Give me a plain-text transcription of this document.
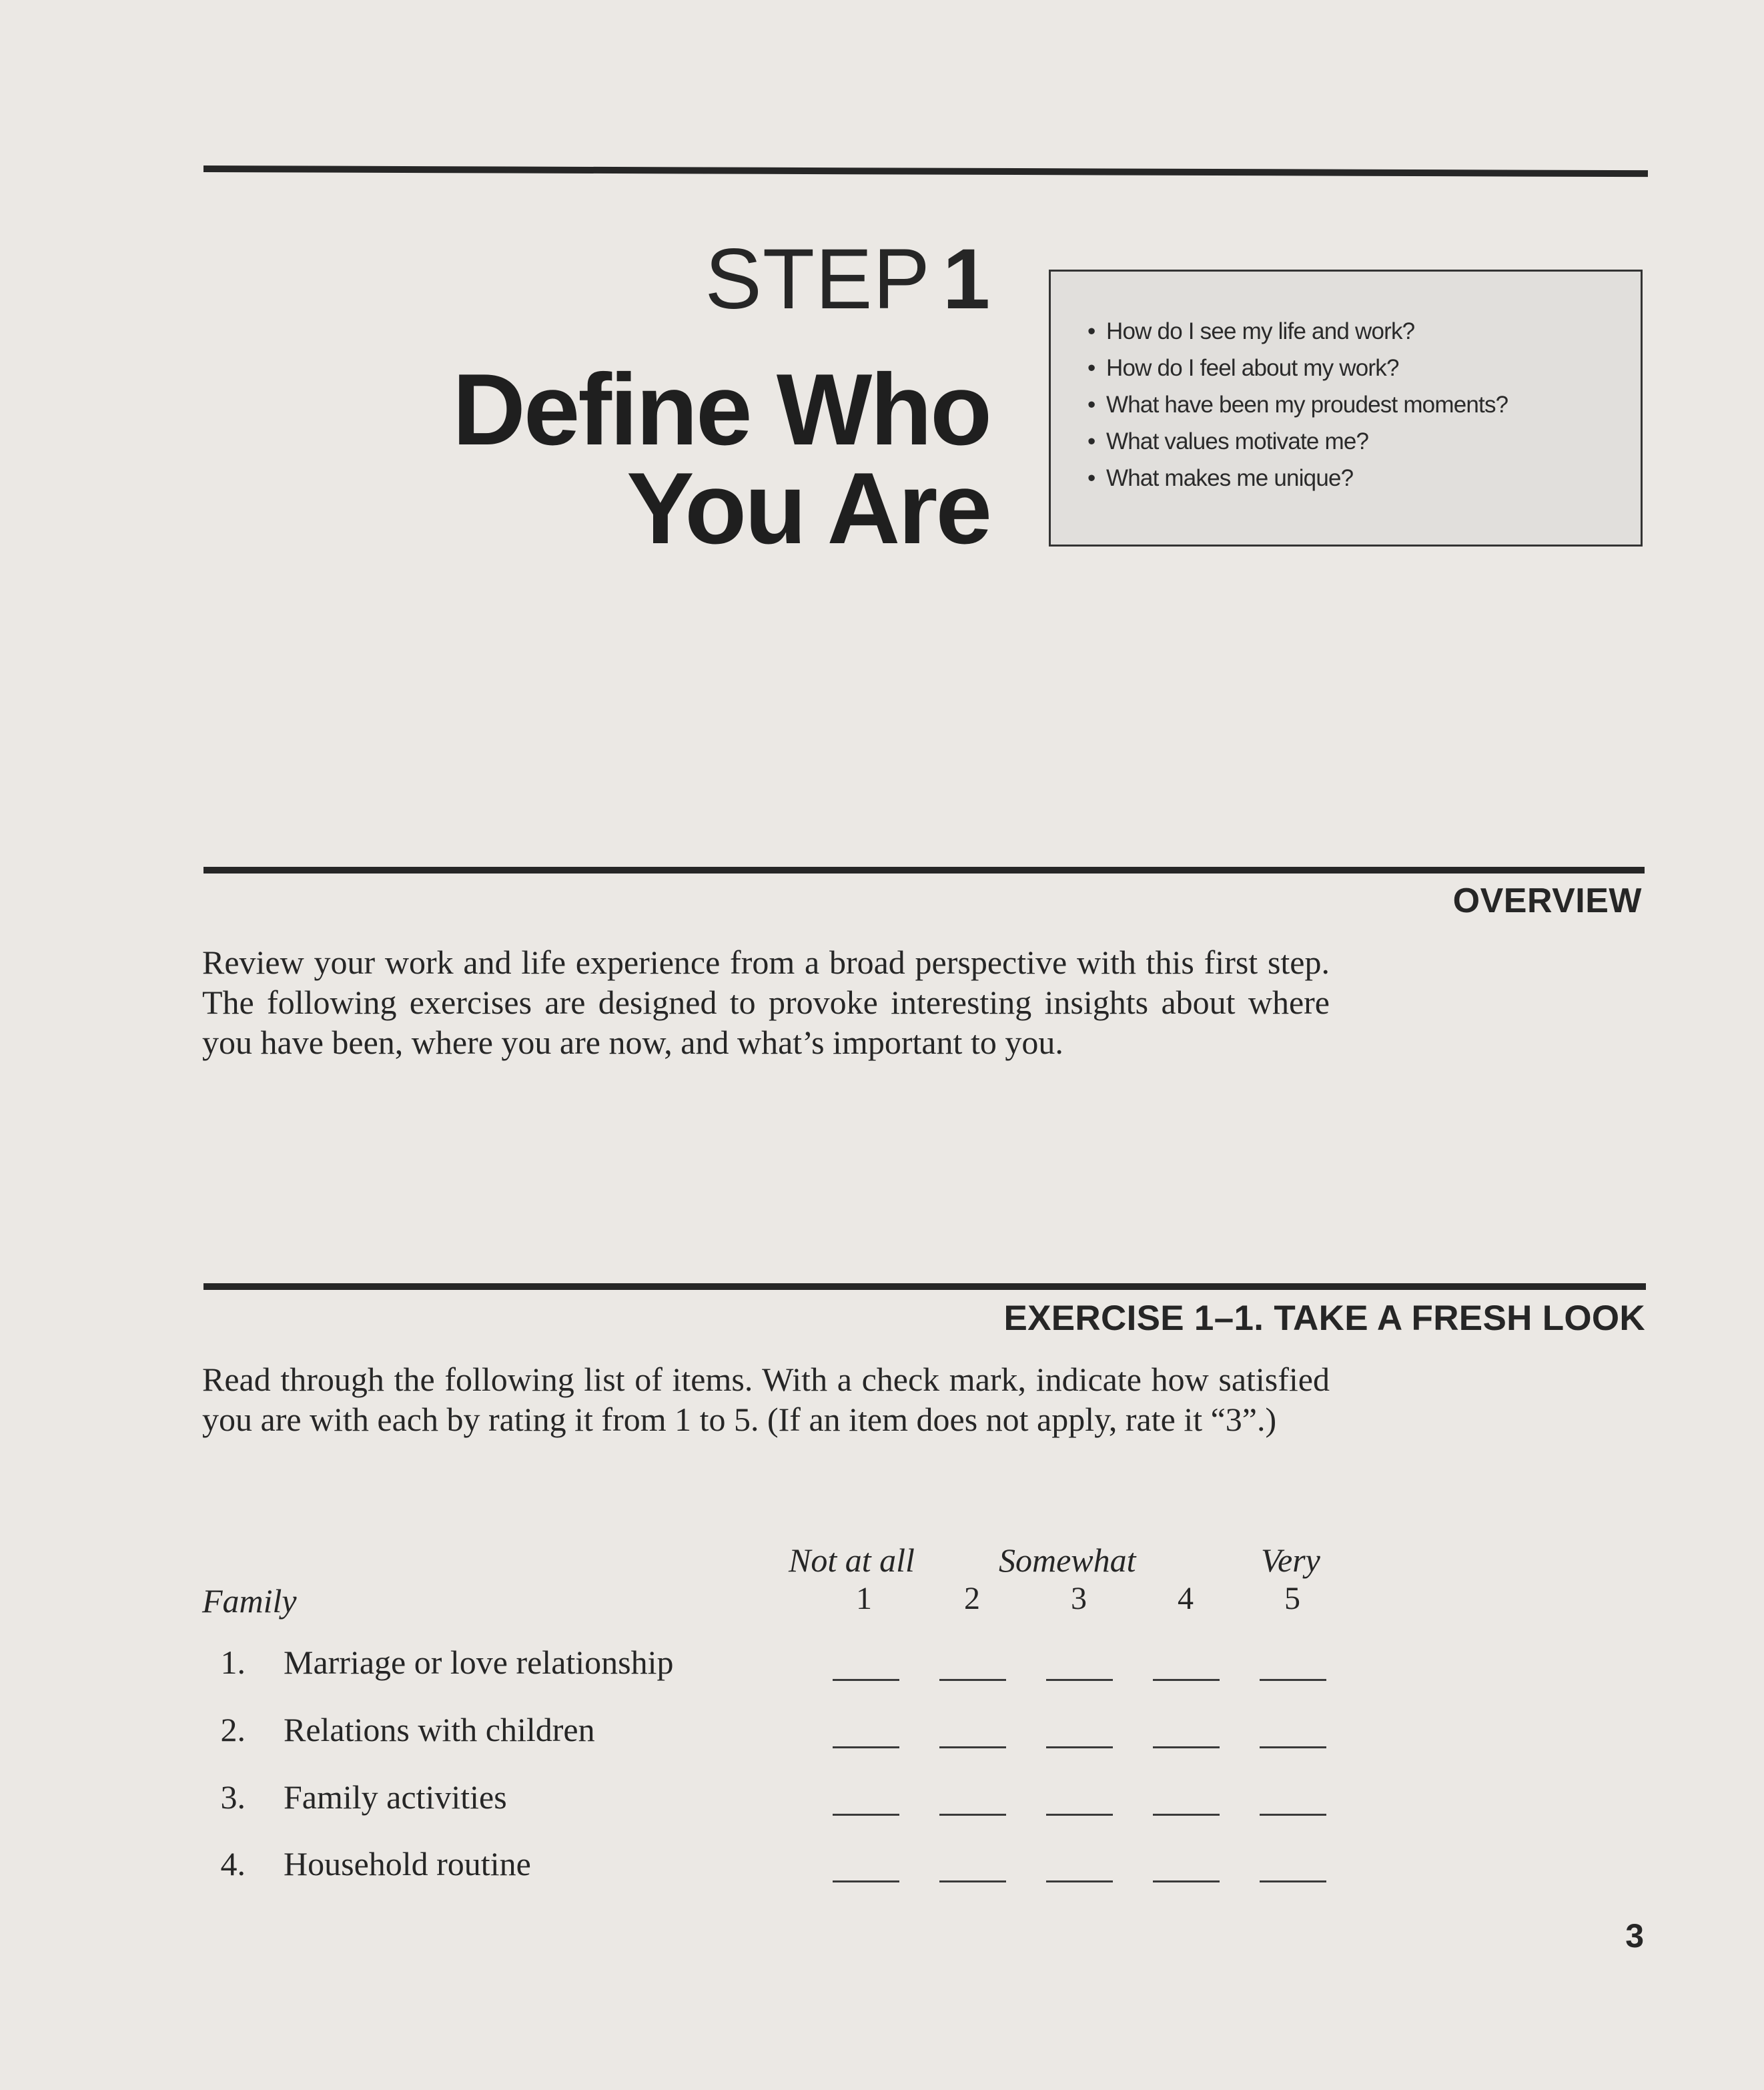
STEP 1
Define Who You Are
• How do I see my life and work?
• How do I feel about my work?
• What have been my proudest moments?
• What values motivate me?
• What makes me unique?
OVERVIEW

Review your work and life experience from a broad perspective with this first step. The following exercises are designed to provoke interesting insights about where you have been, where you are now, and what’s important to you.

EXERCISE 1–1. TAKE A FRESH LOOK

Read through the following list of items. With a check mark, indicate how satisfied you are with each by rating it from 1 to 5. (If an item does not apply, rate it “3”.)

Not at all	Somewhat	Very
Family	1	2	3	4	5
1. Marriage or love relationship
2. Relations with children
3. Family activities
4. Household routine
3
